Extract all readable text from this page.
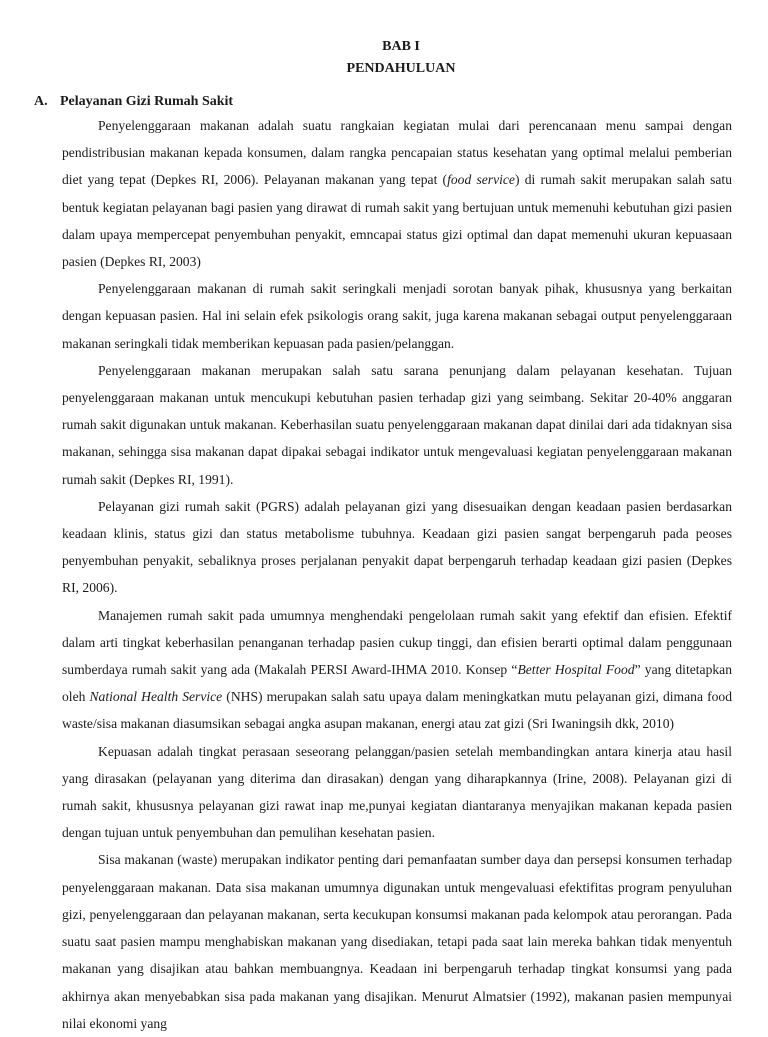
BAB I

PENDAHULUAN

A. Pelayanan Gizi Rumah Sakit

Penyelenggaraan makanan adalah suatu rangkaian kegiatan mulai dari perencanaan menu sampai dengan pendistribusian makanan kepada konsumen, dalam rangka pencapaian status kesehatan yang optimal melalui pemberian diet yang tepat (Depkes RI, 2006). Pelayanan makanan yang tepat (food service) di rumah sakit merupakan salah satu bentuk kegiatan pelayanan bagi pasien yang dirawat di rumah sakit yang bertujuan untuk memenuhi kebutuhan gizi pasien dalam upaya mempercepat penyembuhan penyakit, emncapai status gizi optimal dan dapat memenuhi ukuran kepuasaan pasien (Depkes RI, 2003)

Penyelenggaraan makanan di rumah sakit seringkali menjadi sorotan banyak pihak, khususnya yang berkaitan dengan kepuasan pasien. Hal ini selain efek psikologis orang sakit, juga karena makanan sebagai output penyelenggaraan makanan seringkali tidak memberikan kepuasan pada pasien/pelanggan.

Penyelenggaraan makanan merupakan salah satu sarana penunjang dalam pelayanan kesehatan. Tujuan penyelenggaraan makanan untuk mencukupi kebutuhan pasien terhadap gizi yang seimbang. Sekitar 20-40% anggaran rumah sakit digunakan untuk makanan. Keberhasilan suatu penyelenggaraan makanan dapat dinilai dari ada tidaknyan sisa makanan, sehingga sisa makanan dapat dipakai sebagai indikator untuk mengevaluasi kegiatan penyelenggaraan makanan rumah sakit (Depkes RI, 1991).

Pelayanan gizi rumah sakit (PGRS) adalah pelayanan gizi yang disesuaikan dengan keadaan pasien berdasarkan keadaan klinis, status gizi dan status metabolisme tubuhnya. Keadaan gizi pasien sangat berpengaruh pada peoses penyembuhan penyakit, sebaliknya proses perjalanan penyakit dapat berpengaruh terhadap keadaan gizi pasien (Depkes RI, 2006).

Manajemen rumah sakit pada umumnya menghendaki pengelolaan rumah sakit yang efektif dan efisien. Efektif dalam arti tingkat keberhasilan penanganan terhadap pasien cukup tinggi, dan efisien berarti optimal dalam penggunaan sumberdaya rumah sakit yang ada (Makalah PERSI Award-IHMA 2010. Konsep “Better Hospital Food” yang ditetapkan oleh National Health Service (NHS) merupakan salah satu upaya dalam meningkatkan mutu pelayanan gizi, dimana food waste/sisa makanan diasumsikan sebagai angka asupan makanan, energi atau zat gizi (Sri Iwaningsih dkk, 2010)

Kepuasan adalah tingkat perasaan seseorang pelanggan/pasien setelah membandingkan antara kinerja atau hasil yang dirasakan (pelayanan yang diterima dan dirasakan) dengan yang diharapkannya (Irine, 2008). Pelayanan gizi di rumah sakit, khususnya pelayanan gizi rawat inap me,punyai kegiatan diantaranya menyajikan makanan kepada pasien dengan tujuan untuk penyembuhan dan pemulihan kesehatan pasien.

Sisa makanan (waste) merupakan indikator penting dari pemanfaatan sumber daya dan persepsi konsumen terhadap penyelenggaraan makanan. Data sisa makanan umumnya digunakan untuk mengevaluasi efektifitas program penyuluhan gizi, penyelenggaraan dan pelayanan makanan, serta kecukupan konsumsi makanan pada kelompok atau perorangan. Pada suatu saat pasien mampu menghabiskan makanan yang disediakan, tetapi pada saat lain mereka bahkan tidak menyentuh makanan yang disajikan atau bahkan membuangnya. Keadaan ini berpengaruh terhadap tingkat konsumsi yang pada akhirnya akan menyebabkan sisa pada makanan yang disajikan. Menurut Almatsier (1992), makanan pasien mempunyai nilai ekonomi yang
